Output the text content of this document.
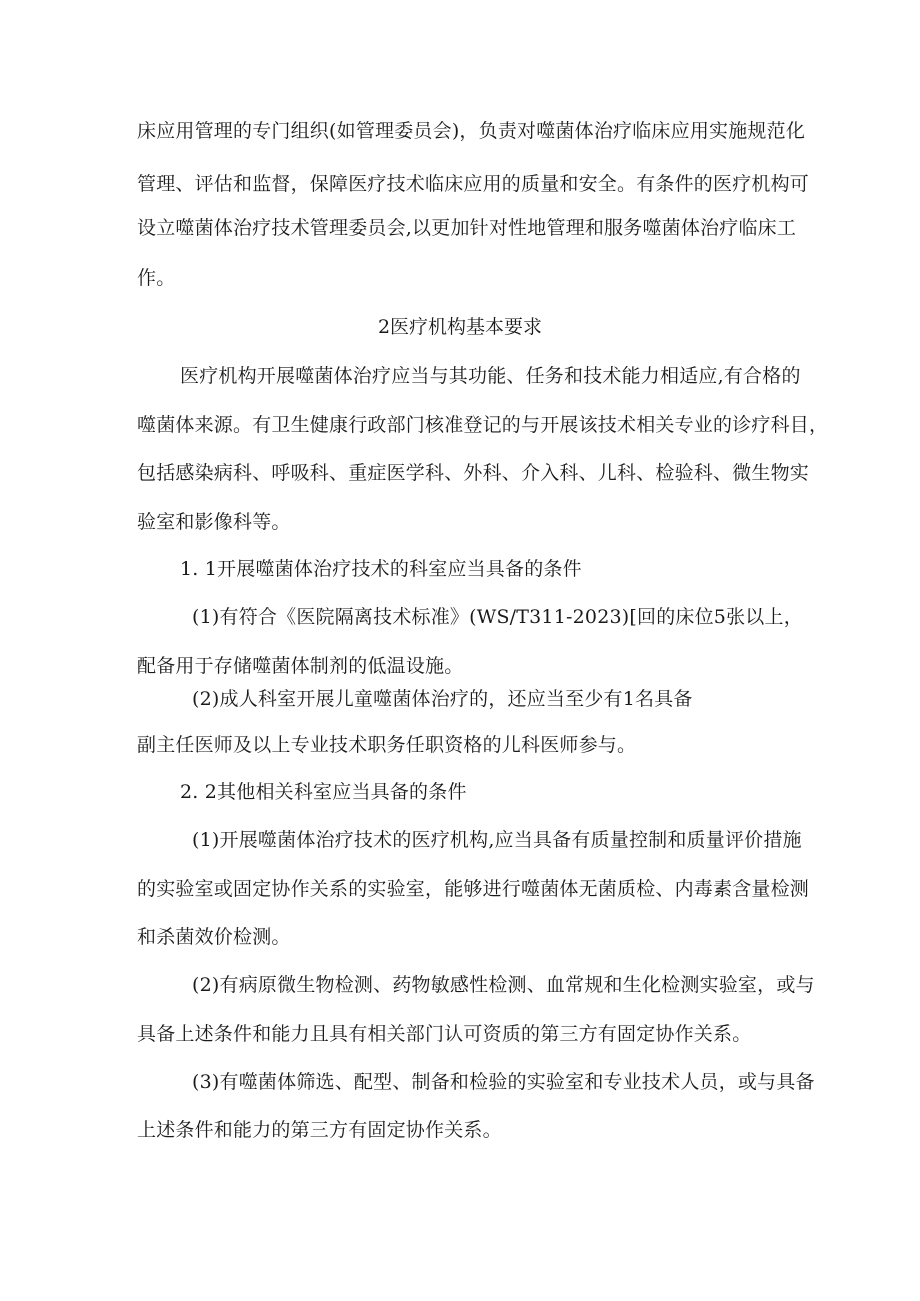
床应用管理的专门组织(如管理委员会)，负责对噬菌体治疗临床应用实施规范化
管理、评估和监督，保障医疗技术临床应用的质量和安全。有条件的医疗机构可
设立噬菌体治疗技术管理委员会,以更加针对性地管理和服务噬菌体治疗临床工
作。
2医疗机构基本要求
医疗机构开展噬菌体治疗应当与其功能、任务和技术能力相适应,有合格的
噬菌体来源。有卫生健康行政部门核准登记的与开展该技术相关专业的诊疗科目，
包括感染病科、呼吸科、重症医学科、外科、介入科、儿科、检验科、微生物实
验室和影像科等。
1. 1开展噬菌体治疗技术的科室应当具备的条件
(1)有符合《医院隔离技术标准》(WS/T311-2023)[回的床位5张以上，
配备用于存储噬菌体制剂的低温设施。
(2)成人科室开展儿童噬菌体治疗的，还应当至少有1名具备
副主任医师及以上专业技术职务任职资格的儿科医师参与。
2. 2其他相关科室应当具备的条件
(1)开展噬菌体治疗技术的医疗机构,应当具备有质量控制和质量评价措施
的实验室或固定协作关系的实验室，能够进行噬菌体无菌质检、内毒素含量检测
和杀菌效价检测。
(2)有病原微生物检测、药物敏感性检测、血常规和生化检测实验室，或与
具备上述条件和能力且具有相关部门认可资质的第三方有固定协作关系。
(3)有噬菌体筛选、配型、制备和检验的实验室和专业技术人员，或与具备
上述条件和能力的第三方有固定协作关系。
